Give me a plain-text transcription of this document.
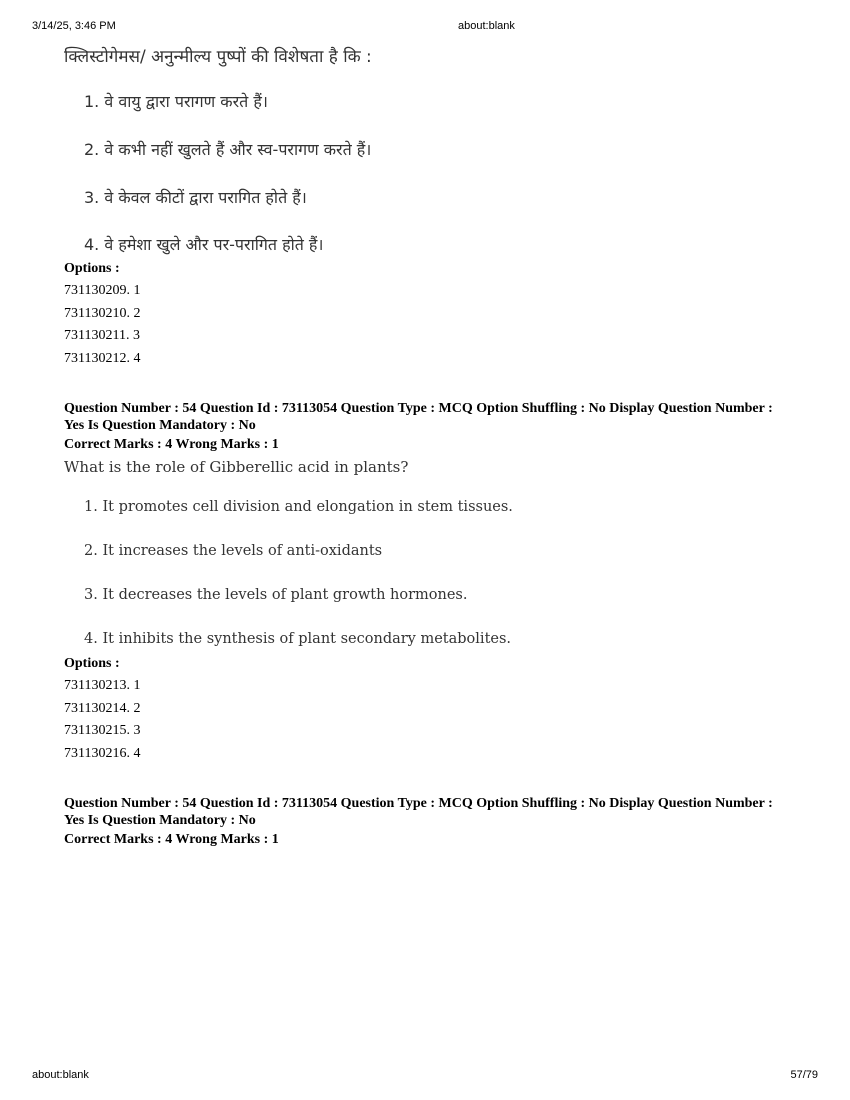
3/14/25, 3:46 PM	about:blank
क्लिस्टोगेमस/ अनुन्मील्य पुष्पों की विशेषता है कि :
1. वे वायु द्वारा परागण करते हैं।
2. वे कभी नहीं खुलते हैं और स्व-परागण करते हैं।
3. वे केवल कीटों द्वारा परागित होते हैं।
4. वे हमेशा खुले और पर-परागित होते हैं।
Options :
731130209. 1
731130210. 2
731130211. 3
731130212. 4
Question Number : 54 Question Id : 73113054 Question Type : MCQ Option Shuffling : No Display Question Number : Yes Is Question Mandatory : No
Correct Marks : 4 Wrong Marks : 1
What is the role of Gibberellic acid in plants?
1. It promotes cell division and elongation in stem tissues.
2. It increases the levels of anti-oxidants
3. It decreases the levels of plant growth hormones.
4. It inhibits the synthesis of plant secondary metabolites.
Options :
731130213. 1
731130214. 2
731130215. 3
731130216. 4
Question Number : 54 Question Id : 73113054 Question Type : MCQ Option Shuffling : No Display Question Number : Yes Is Question Mandatory : No
Correct Marks : 4 Wrong Marks : 1
about:blank	57/79
